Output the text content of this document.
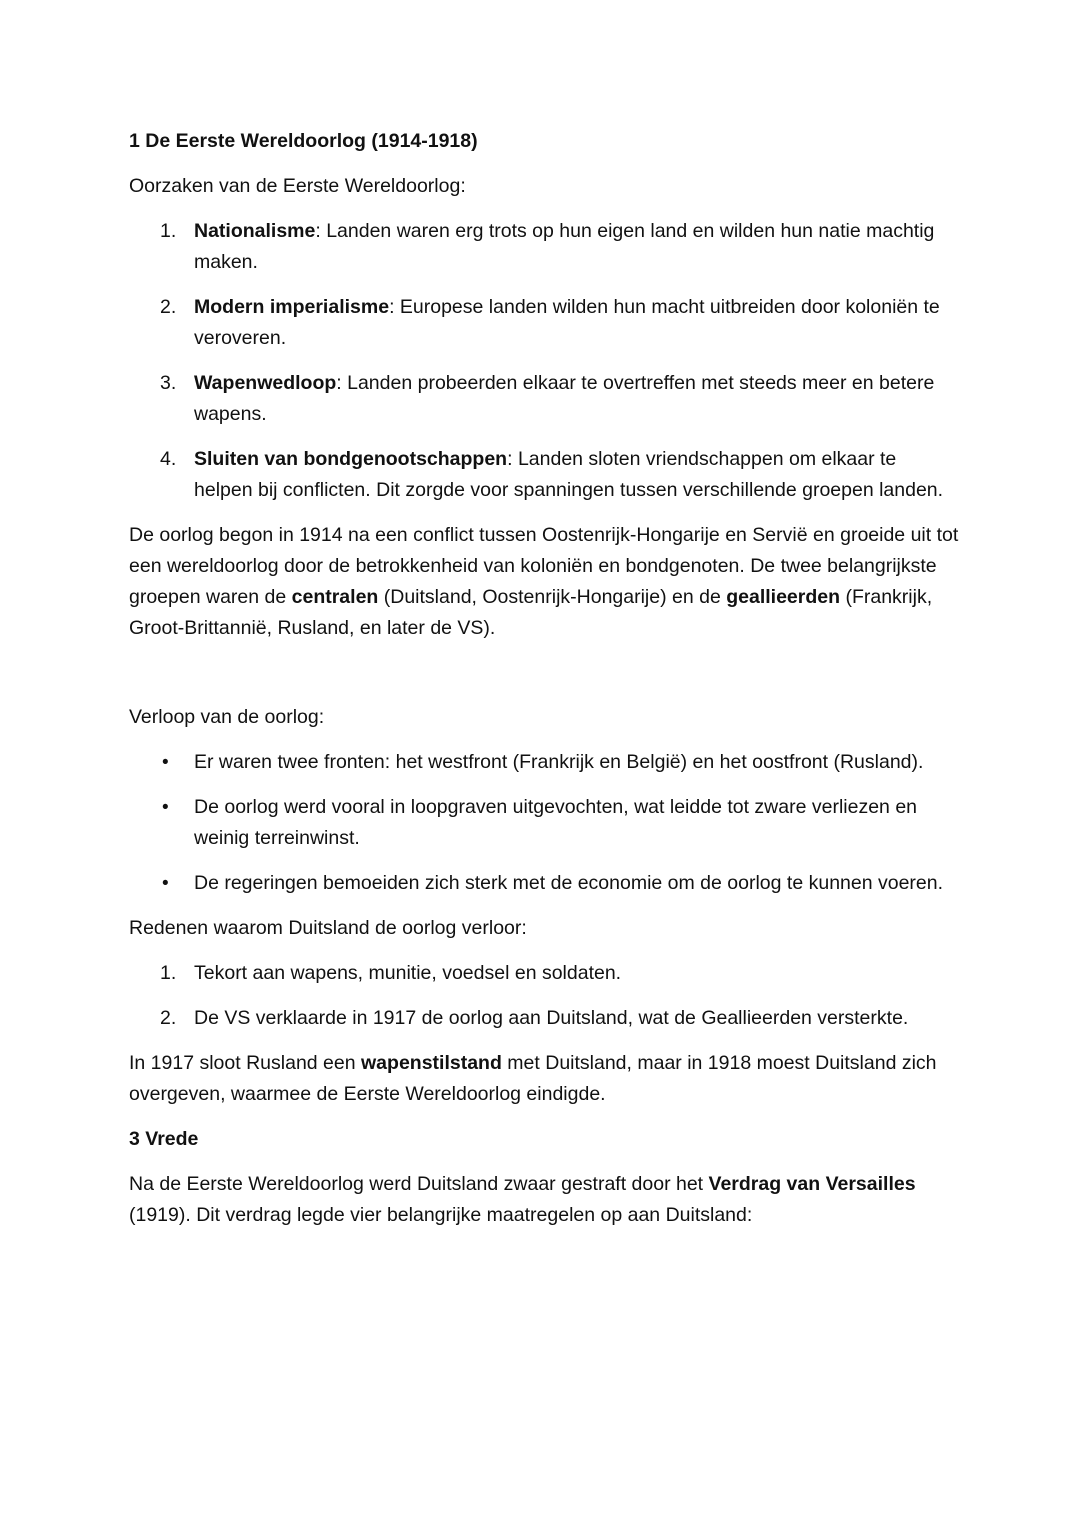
1 De Eerste Wereldoorlog (1914-1918)
Oorzaken van de Eerste Wereldoorlog:
1. Nationalisme: Landen waren erg trots op hun eigen land en wilden hun natie machtig maken.
2. Modern imperialisme: Europese landen wilden hun macht uitbreiden door koloniën te veroveren.
3. Wapenwedloop: Landen probeerden elkaar te overtreffen met steeds meer en betere wapens.
4. Sluiten van bondgenootschappen: Landen sloten vriendschappen om elkaar te helpen bij conflicten. Dit zorgde voor spanningen tussen verschillende groepen landen.
De oorlog begon in 1914 na een conflict tussen Oostenrijk-Hongarije en Servië en groeide uit tot een wereldoorlog door de betrokkenheid van koloniën en bondgenoten. De twee belangrijkste groepen waren de centralen (Duitsland, Oostenrijk-Hongarije) en de geallieerden (Frankrijk, Groot-Brittannië, Rusland, en later de VS).
Verloop van de oorlog:
• Er waren twee fronten: het westfront (Frankrijk en België) en het oostfront (Rusland).
• De oorlog werd vooral in loopgraven uitgevochten, wat leidde tot zware verliezen en weinig terreinwinst.
• De regeringen bemoeiden zich sterk met de economie om de oorlog te kunnen voeren.
Redenen waarom Duitsland de oorlog verloor:
1. Tekort aan wapens, munitie, voedsel en soldaten.
2. De VS verklaarde in 1917 de oorlog aan Duitsland, wat de Geallieerden versterkte.
In 1917 sloot Rusland een wapenstilstand met Duitsland, maar in 1918 moest Duitsland zich overgeven, waarmee de Eerste Wereldoorlog eindigde.
3 Vrede
Na de Eerste Wereldoorlog werd Duitsland zwaar gestraft door het Verdrag van Versailles (1919). Dit verdrag legde vier belangrijke maatregelen op aan Duitsland:
